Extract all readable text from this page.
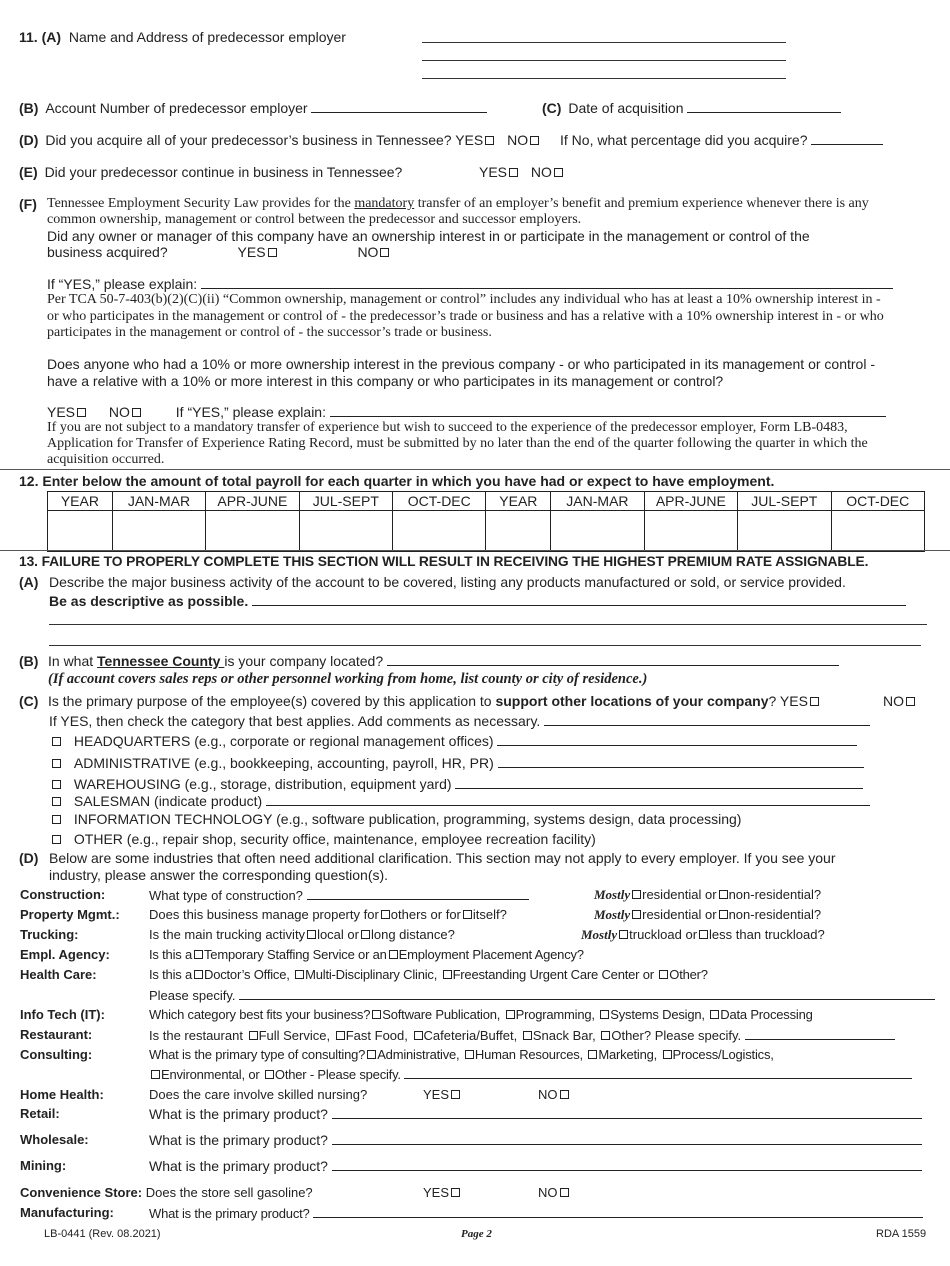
11. (A) Name and Address of predecessor employer
(B) Account Number of predecessor employer	(C) Date of acquisition
(D) Did you acquire all of your predecessor’s business in Tennessee? YES NO If No, what percentage did you acquire?
(E) Did your predecessor continue in business in Tennessee?	YES NO
(F) Tennessee Employment Security Law provides for the mandatory transfer of an employer’s benefit and premium experience whenever there is any
common ownership, management or control between the predecessor and successor employers.
Did any owner or manager of this company have an ownership interest in or participate in the management or control of the
business acquired?	YES	NO
If “YES,” please explain:
Per TCA 50-7-403(b)(2)(C)(ii) “Common ownership, management or control” includes any individual who has at least a 10% ownership interest in -
or who participates in the management or control of - the predecessor’s trade or business and has a relative with a 10% ownership interest in - or who
participates in the management or control of - the successor’s trade or business.
Does anyone who had a 10% or more ownership interest in the previous company - or who participated in its management or control -
have a relative with a 10% or more interest in this company or who participates in its management or control?
YES NO	If “YES,” please explain:
If you are not subject to a mandatory transfer of experience but wish to succeed to the experience of the predecessor employer, Form LB-0483,
Application for Transfer of Experience Rating Record, must be submitted by no later than the end of the quarter following the quarter in which the
acquisition occurred.
12. Enter below the amount of total payroll for each quarter in which you have had or expect to have employment.
YEAR	JAN-MAR	APR-JUNE	JUL-SEPT	OCT-DEC	YEAR	JAN-MAR	APR-JUNE	JUL-SEPT	OCT-DEC

13. FAILURE TO PROPERLY COMPLETE THIS SECTION WILL RESULT IN RECEIVING THE HIGHEST PREMIUM RATE ASSIGNABLE.
(A) Describe the major business activity of the account to be covered, listing any products manufactured or sold, or service provided.
Be as descriptive as possible.
(B) In what Tennessee County is your company located?
(If account covers sales reps or other personnel working from home, list county or city of residence.)
(C) Is the primary purpose of the employee(s) covered by this application to support other locations of your company? YES	NO
If YES, then check the category that best applies. Add comments as necessary.
HEADQUARTERS (e.g., corporate or regional management offices)
ADMINISTRATIVE (e.g., bookkeeping, accounting, payroll, HR, PR)
WAREHOUSING (e.g., storage, distribution, equipment yard)
SALESMAN (indicate product)
INFORMATION TECHNOLOGY (e.g., software publication, programming, systems design, data processing)
OTHER (e.g., repair shop, security office, maintenance, employee recreation facility)
(D) Below are some industries that often need additional clarification. This section may not apply to every employer. If you see your
industry, please answer the corresponding question(s).
Construction:	What type of construction?	Mostly residential or non-residential?
Property Mgmt.: Does this business manage property for others or for itself?	Mostly residential or non-residential?
Trucking:	Is the main trucking activity local or long distance?	Mostly truckload or less than truckload?
Empl. Agency:	Is this a Temporary Staffing Service or an Employment Placement Agency?
Health Care:	Is this a Doctor’s Office, Multi-Disciplinary Clinic, Freestanding Urgent Care Center or Other?
Please specify.
Info Tech (IT):	Which category best fits your business? Software Publication, Programming, Systems Design, Data Processing
Restaurant:	Is the restaurant Full Service, Fast Food, Cafeteria/Buffet, Snack Bar, Other? Please specify.
Consulting:	What is the primary type of consulting? Administrative, Human Resources, Marketing, Process/Logistics,
Environmental, or Other - Please specify.
Home Health:	Does the care involve skilled nursing?	YES	NO
Retail:	What is the primary product?
Wholesale:	What is the primary product?
Mining:	What is the primary product?
Convenience Store: Does the store sell gasoline?	YES	NO
Manufacturing:	What is the primary product?
LB-0441 (Rev. 08.2021)	Page 2	RDA 1559
